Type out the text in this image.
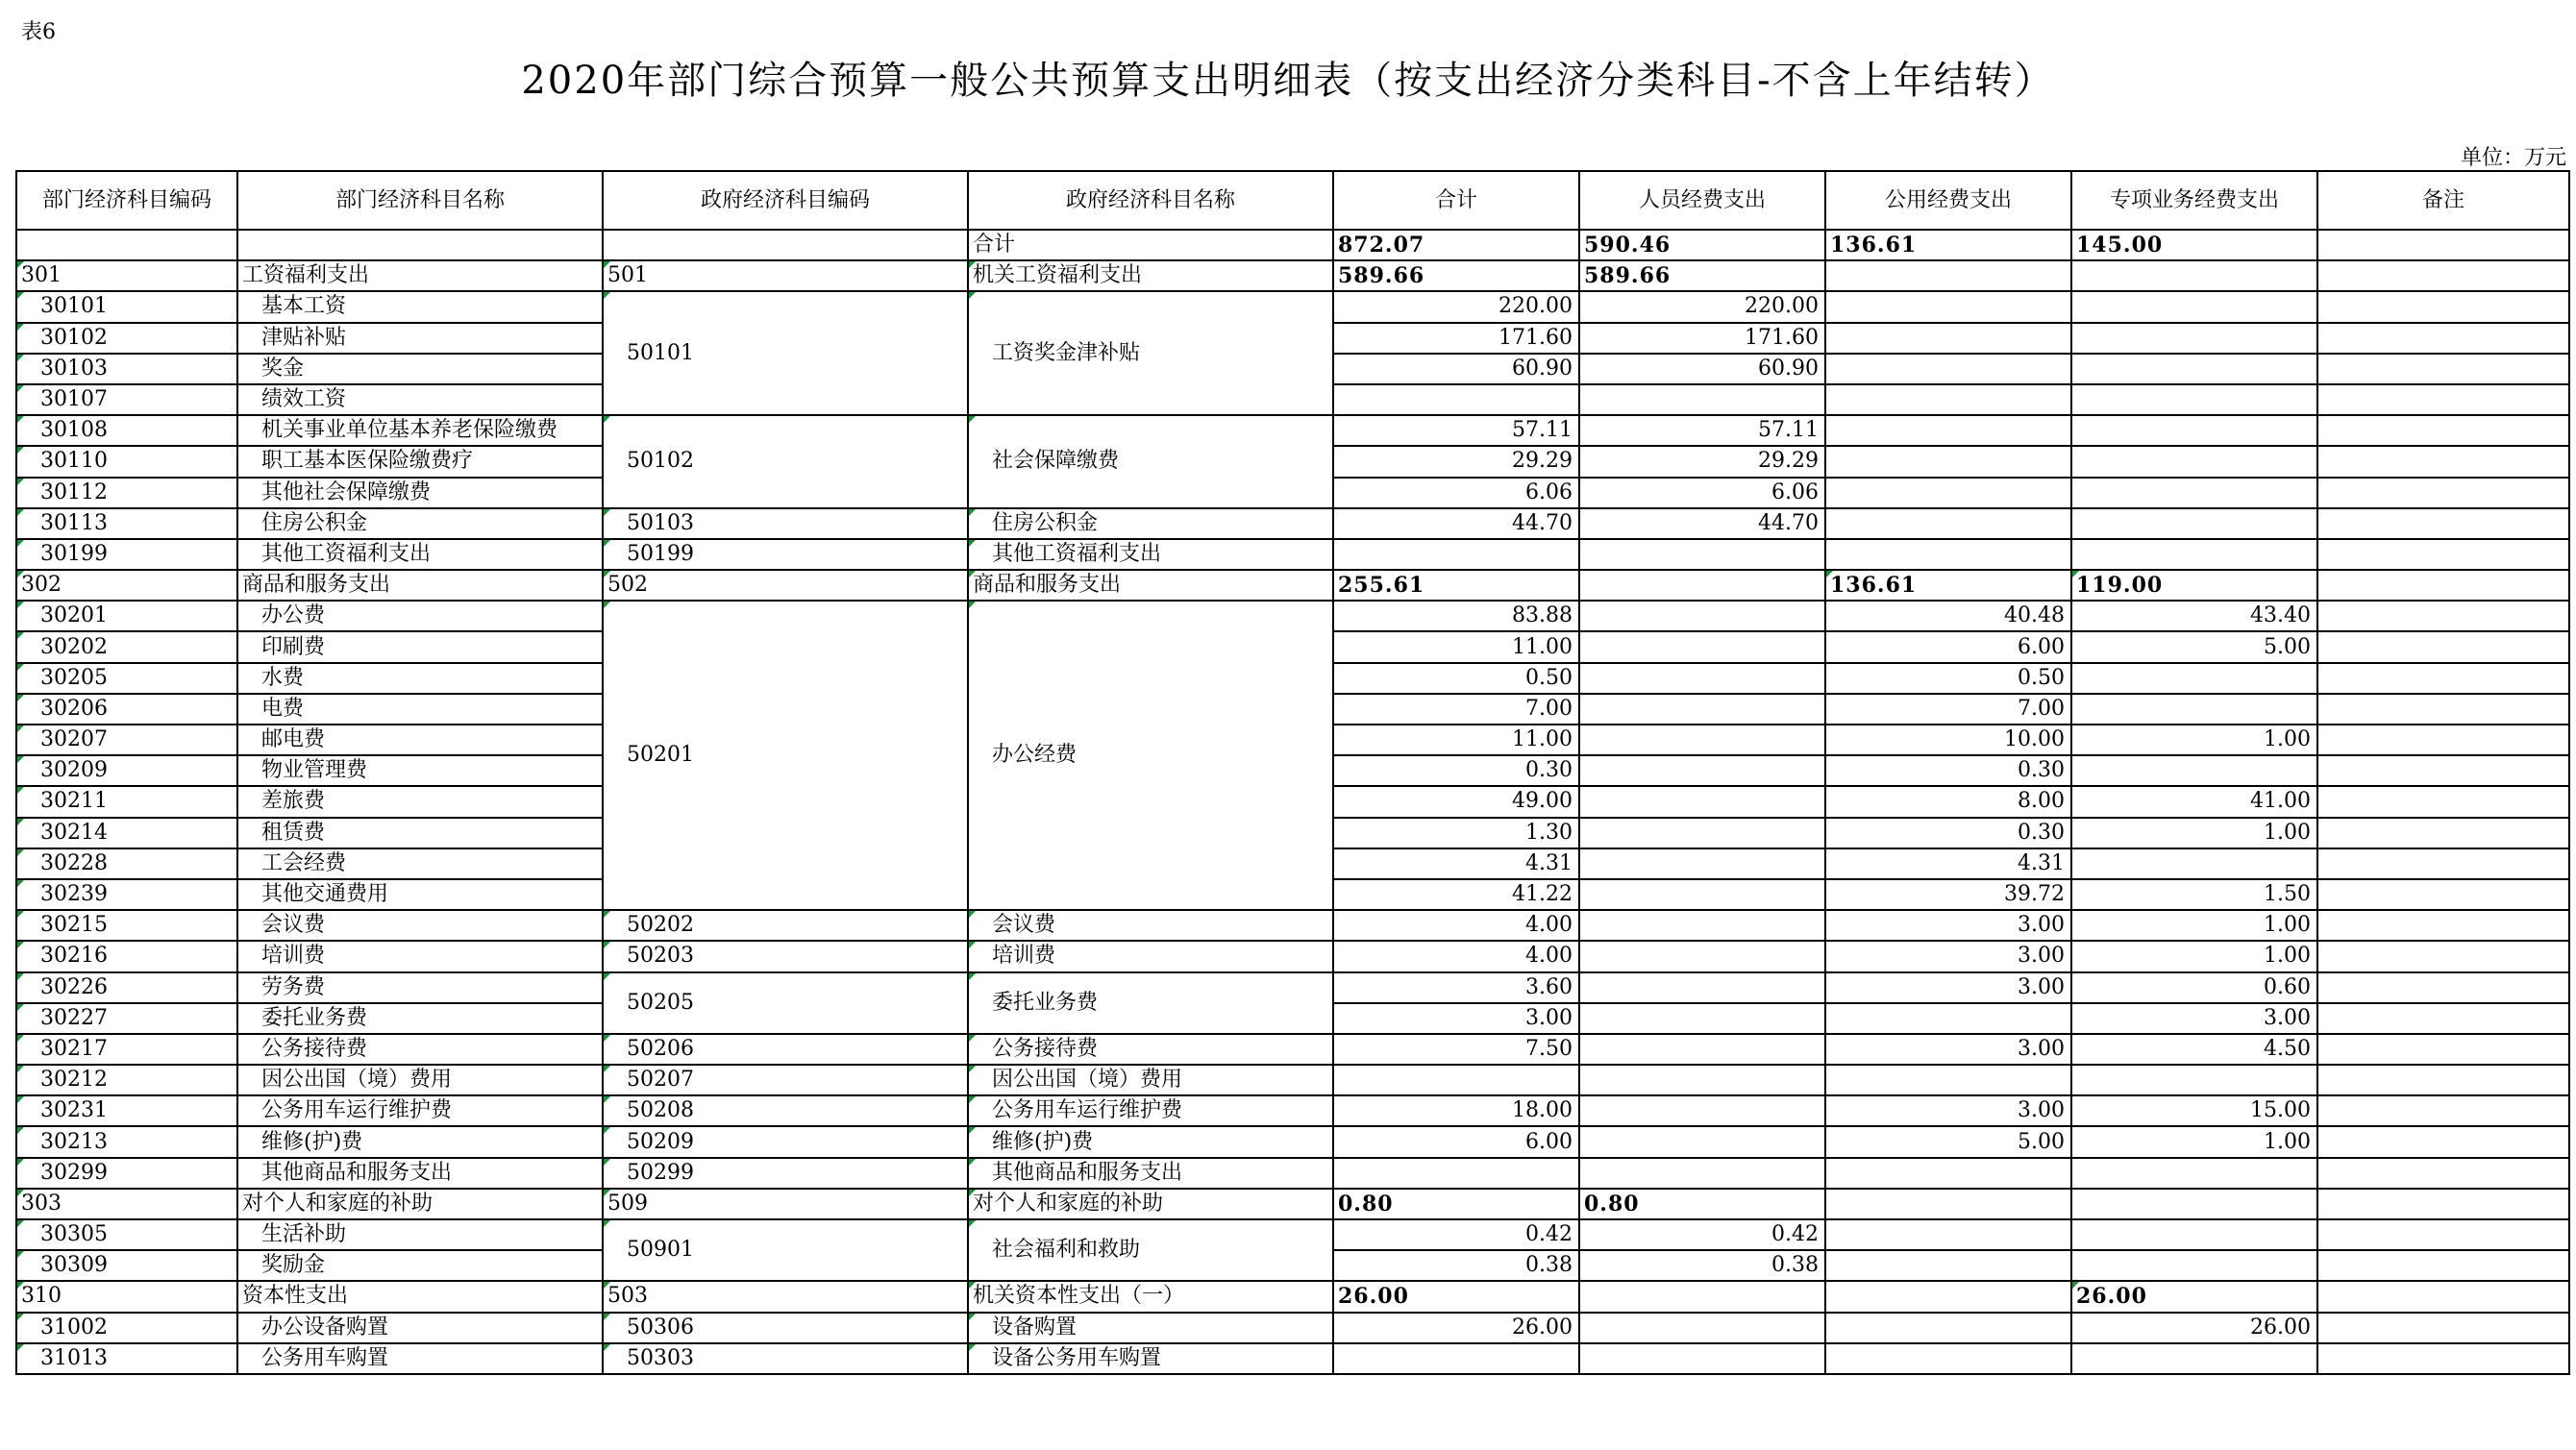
表6
2020年部门综合预算一般公共预算支出明细表（按支出经济分类科目-不含上年结转）
单位：万元
部门经济科目编码	部门经济科目名称	政府经济科目编码	政府经济科目名称	合计	人员经费支出	公用经费支出	专项业务经费支出	备注
			合计	872.07	590.46	136.61	145.00	
301	工资福利支出	501	机关工资福利支出	589.66	589.66			
30101	基本工资	50101	工资奖金津补贴	220.00	220.00			
30102	津贴补贴			171.60	171.60			
30103	奖金			60.90	60.90			
30107	绩效工资							
30108	机关事业单位基本养老保险缴费	50102	社会保障缴费	57.11	57.11			
30110	职工基本医保险缴费疗			29.29	29.29			
30112	其他社会保障缴费			6.06	6.06			
30113	住房公积金	50103	住房公积金	44.70	44.70			
30199	其他工资福利支出	50199	其他工资福利支出					
302	商品和服务支出	502	商品和服务支出	255.61		136.61	119.00	
30201	办公费	50201	办公经费	83.88		40.48	43.40	
30202	印刷费			11.00		6.00	5.00	
30205	水费			0.50		0.50		
30206	电费			7.00		7.00		
30207	邮电费			11.00		10.00	1.00	
30209	物业管理费			0.30		0.30		
30211	差旅费			49.00		8.00	41.00	
30214	租赁费			1.30		0.30	1.00	
30228	工会经费			4.31		4.31		
30239	其他交通费用			41.22		39.72	1.50	
30215	会议费	50202	会议费	4.00		3.00	1.00	
30216	培训费	50203	培训费	4.00		3.00	1.00	
30226	劳务费	50205	委托业务费	3.60		3.00	0.60	
30227	委托业务费			3.00			3.00	
30217	公务接待费	50206	公务接待费	7.50		3.00	4.50	
30212	因公出国（境）费用	50207	因公出国（境）费用					
30231	公务用车运行维护费	50208	公务用车运行维护费	18.00		3.00	15.00	
30213	维修(护)费	50209	维修(护)费	6.00		5.00	1.00	
30299	其他商品和服务支出	50299	其他商品和服务支出					
303	对个人和家庭的补助	509	对个人和家庭的补助	0.80	0.80			
30305	生活补助	50901	社会福利和救助	0.42	0.42			
30309	奖励金			0.38	0.38			
310	资本性支出	503	机关资本性支出（一）	26.00			26.00	
31002	办公设备购置	50306	设备购置	26.00			26.00	
31013	公务用车购置	50303	设备公务用车购置					
